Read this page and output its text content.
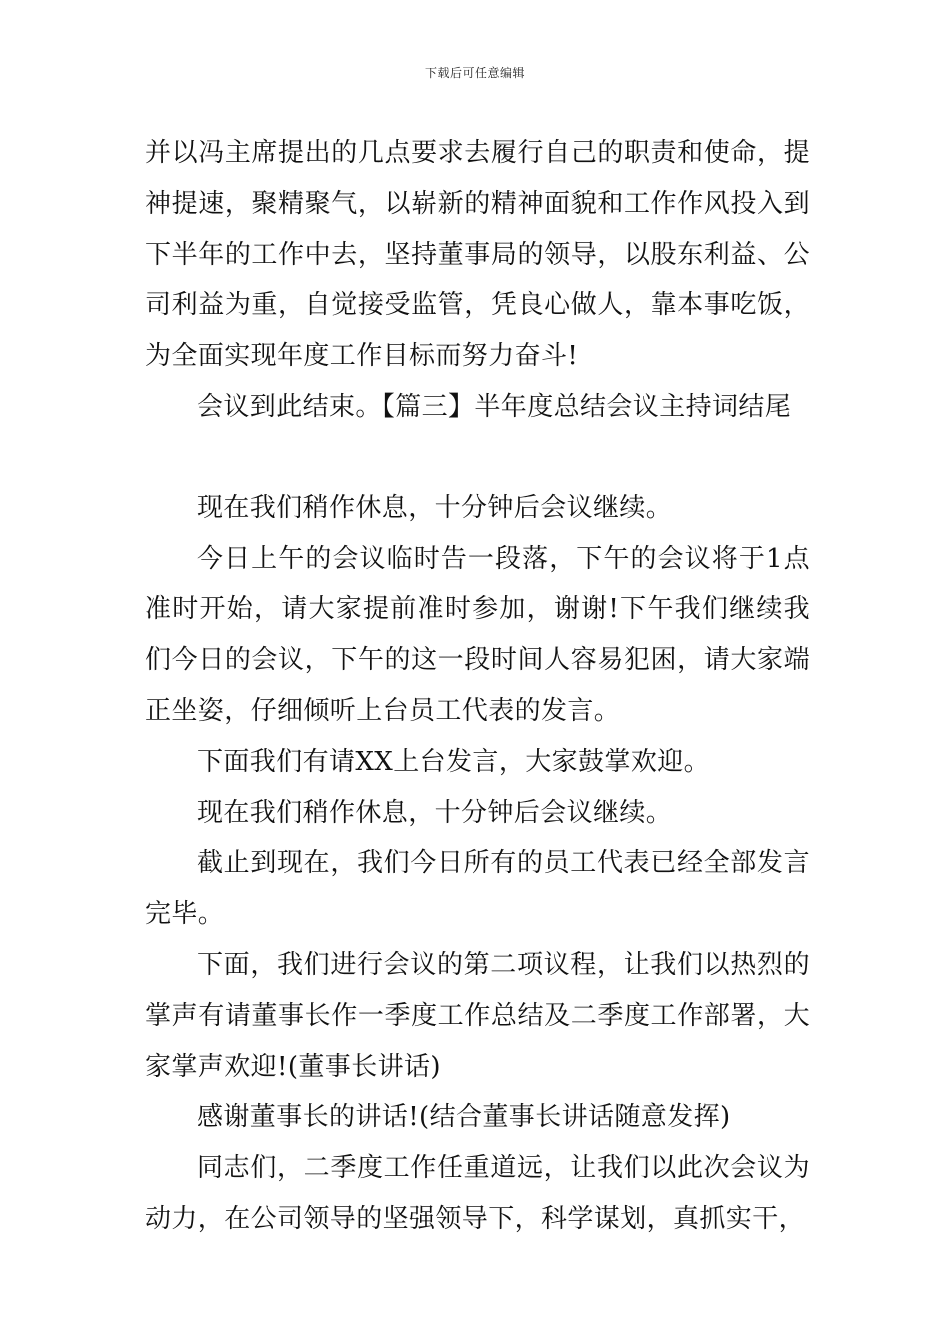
下载后可任意编辑

并以冯主席提出的几点要求去履行自己的职责和使命，提神提速，聚精聚气，以崭新的精神面貌和工作作风投入到下半年的工作中去，坚持董事局的领导，以股东利益、公司利益为重，自觉接受监管，凭良心做人，靠本事吃饭，为全面实现年度工作目标而努力奋斗!

会议到此结束。【篇三】半年度总结会议主持词结尾

现在我们稍作休息，十分钟后会议继续。

今日上午的会议临时告一段落，下午的会议将于1点准时开始，请大家提前准时参加，谢谢!下午我们继续我们今日的会议，下午的这一段时间人容易犯困，请大家端正坐姿，仔细倾听上台员工代表的发言。

下面我们有请XX上台发言，大家鼓掌欢迎。

现在我们稍作休息，十分钟后会议继续。

截止到现在，我们今日所有的员工代表已经全部发言完毕。

下面，我们进行会议的第二项议程，让我们以热烈的掌声有请董事长作一季度工作总结及二季度工作部署，大家掌声欢迎!(董事长讲话)

感谢董事长的讲话!(结合董事长讲话随意发挥)

同志们，二季度工作任重道远，让我们以此次会议为动力，在公司领导的坚强领导下，科学谋划，真抓实干，
